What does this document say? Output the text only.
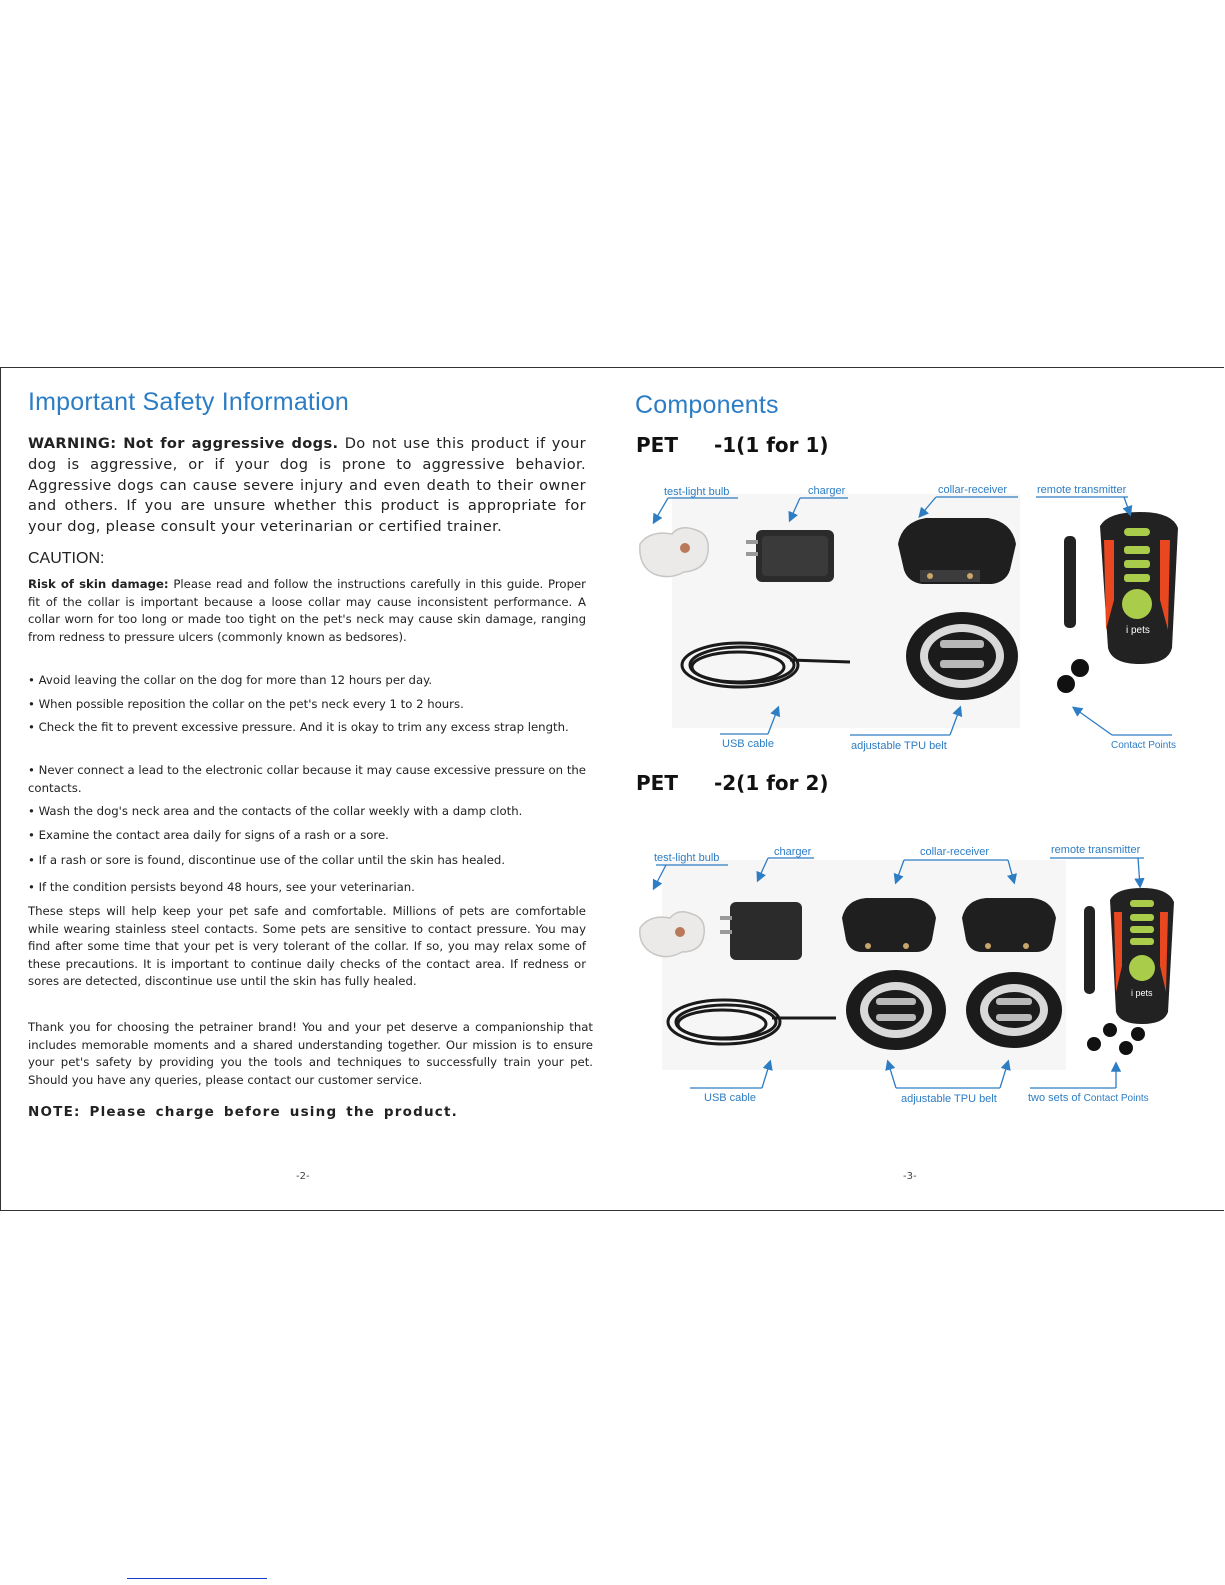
Important Safety Information
WARNING: Not for aggressive dogs. Do not use this product if your dog is aggressive, or if your dog is prone to aggressive behavior. Aggressive dogs can cause severe injury and even death to their owner and others. If you are unsure whether this product is appropriate for your dog, please consult your veterinarian or certified trainer.
CAUTION:
Risk of skin damage: Please read and follow the instructions carefully in this guide. Proper fit of the collar is important because a loose collar may cause inconsistent performance. A collar worn for too long or made too tight on the pet's neck may cause skin damage, ranging from redness to pressure ulcers (commonly known as bedsores).
• Avoid leaving the collar on the dog for more than 12 hours per day.
• When possible reposition the collar on the pet's neck every 1 to 2 hours.
• Check the fit to prevent excessive pressure. And it is okay to trim any excess strap length.
• Never connect a lead to the electronic collar because it may cause excessive pressure on the contacts.
• Wash the dog's neck area and the contacts of the collar weekly with a damp cloth.
• Examine the contact area daily for signs of a rash or a sore.
• If a rash or sore is found, discontinue use of the collar until the skin has healed.
• If the condition persists beyond 48 hours, see your veterinarian.
These steps will help keep your pet safe and comfortable. Millions of pets are comfortable while wearing stainless steel contacts. Some pets are sensitive to contact pressure. You may find after some time that your pet is very tolerant of the collar. If so, you may relax some of these precautions. It is important to continue daily checks of the contact area. If redness or sores are detected, discontinue use until the skin has fully healed.
Thank you for choosing the petrainer brand! You and your pet deserve a companionship that includes memorable moments and a shared understanding together. Our mission is to ensure your pet's safety by providing you the tools and techniques to successfully train your pet. Should you have any queries, please contact our customer service.
NOTE: Please charge before using the product.
-2-
Components
PET -1(1 for 1)
PET -2(1 for 2)
test-light bulb	charger	collar-receiver	remote transmitter
USB cable	adjustable TPU belt	Contact Points
test-light bulb	charger	collar-receiver	remote transmitter
USB cable	adjustable TPU belt	two sets of Contact Points
i pets
i pets
-3-
